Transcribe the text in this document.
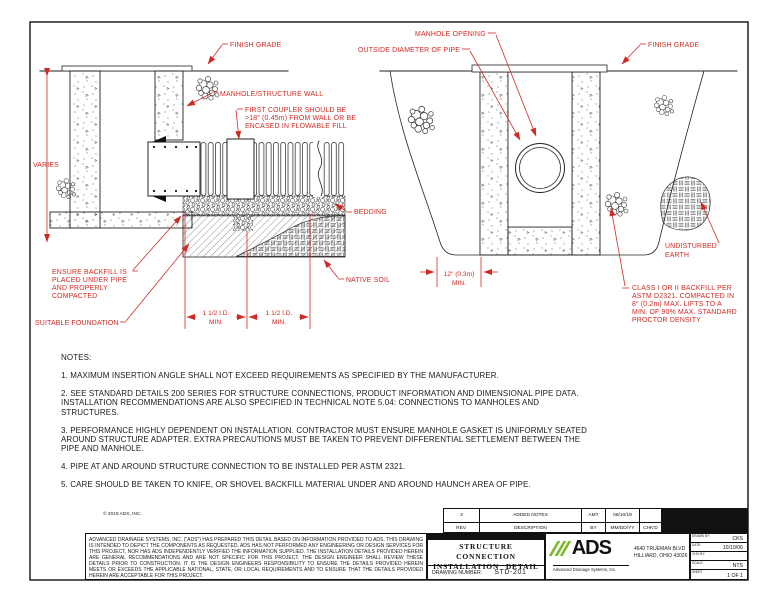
VARIES
FINISH GRADE
MANHOLE/STRUCTURE WALL
FIRST COUPLER SHOULD BE
>18" (0.45m) FROM WALL OR BE
ENCASED IN FLOWABLE FILL
BEDDING
NATIVE SOIL
ENSURE BACKFILL IS
PLACED UNDER PIPE
AND PROPERLY
COMPACTED
SUITABLE FOUNDATION
1 1/2 I.D.
MIN.
1 1/2 I.D.
MIN.
MANHOLE OPENING
OUTSIDE DIAMETER OF PIPE
FINISH GRADE
12" (0.3m)
MIN.
UNDISTURBED
EARTH
CLASS I OR II BACKFILL PER
ASTM D2321. COMPACTED IN
8" (0.2m) MAX. LIFTS TO A
MIN. OF 90% MAX. STANDARD
PROCTOR DENSITY
NOTES:
1. MAXIMUM INSERTION ANGLE SHALL NOT EXCEED REQUIREMENTS AS SPECIFIED BY THE MANUFACTURER.
2. SEE STANDARD DETAILS 200 SERIES FOR STRUCTURE CONNECTIONS, PRODUCT INFORMATION AND DIMENSIONAL PIPE DATA.
INSTALLATION RECOMMENDATIONS ARE ALSO SPECIFIED IN TECHNICAL NOTE 5.04: CONNECTIONS TO MANHOLES AND
STRUCTURES.
3. PERFORMANCE HIGHLY DEPENDENT ON INSTALLATION. CONTRACTOR MUST ENSURE MANHOLE GASKET IS UNIFORMLY SEATED
AROUND STRUCTURE ADAPTER. EXTRA PRECAUTIONS MUST BE TAKEN TO PREVENT DIFFERENTIAL SETTLEMENT BETWEEN THE
PIPE AND MANHOLE.
4. PIPE AT AND AROUND STRUCTURE CONNECTION TO BE INSTALLED PER ASTM 2321.
5. CARE SHOULD BE TAKEN TO KNIFE, OR SHOVEL BACKFILL MATERIAL UNDER AND AROUND HAUNCH AREA OF PIPE.
© 2019 ADS, INC.
ADVANCED DRAINAGE SYSTEMS, INC. ("ADS") HAS PREPARED THIS DETAIL BASED ON INFORMATION PROVIDED TO ADS. THIS DRAWING IS INTENDED TO DEPICT THE COMPONENTS AS REQUESTED. ADS HAS NOT PERFORMED ANY ENGINEERING OR DESIGN SERVICES FOR THIS PROJECT, NOR HAS ADS INDEPENDENTLY VERIFIED THE INFORMATION SUPPLIED. THE INSTALLATION DETAILS PROVIDED HEREIN ARE GENERAL RECOMMENDATIONS AND ARE NOT SPECIFIC FOR THIS PROJECT. THE DESIGN ENGINEER SHALL REVIEW THESE DETAILS PRIOR TO CONSTRUCTION. IT IS THE DESIGN ENGINEERS RESPONSIBILITY TO ENSURE THE DETAILS PROVIDED HEREIN MEETS OR EXCEEDS THE APPLICABLE NATIONAL, STATE, OR LOCAL REQUIREMENTS AND TO ENSURE THAT THE DETAILS PROVIDED HEREIN ARE ACCEPTABLE FOR THIS PROJECT.
3	ADDED NOTES	AMT	06/10/19
REV.	DESCRIPTION	BY	MM/DD/YY	CHK'D
STRUCTURE CONNECTION
INSTALLATION DETAIL
DRAWING NUMBER: STD-201
ADS
Advanced Drainage Systems, Inc.
4640 TRUEMAN BLVD
HILLIARD, OHIO 43026
DRAWN BY:	CKS
DATE:	10/10/06
CH'K BY:
SCALE:	NTS
SHEET
1 OF 1
